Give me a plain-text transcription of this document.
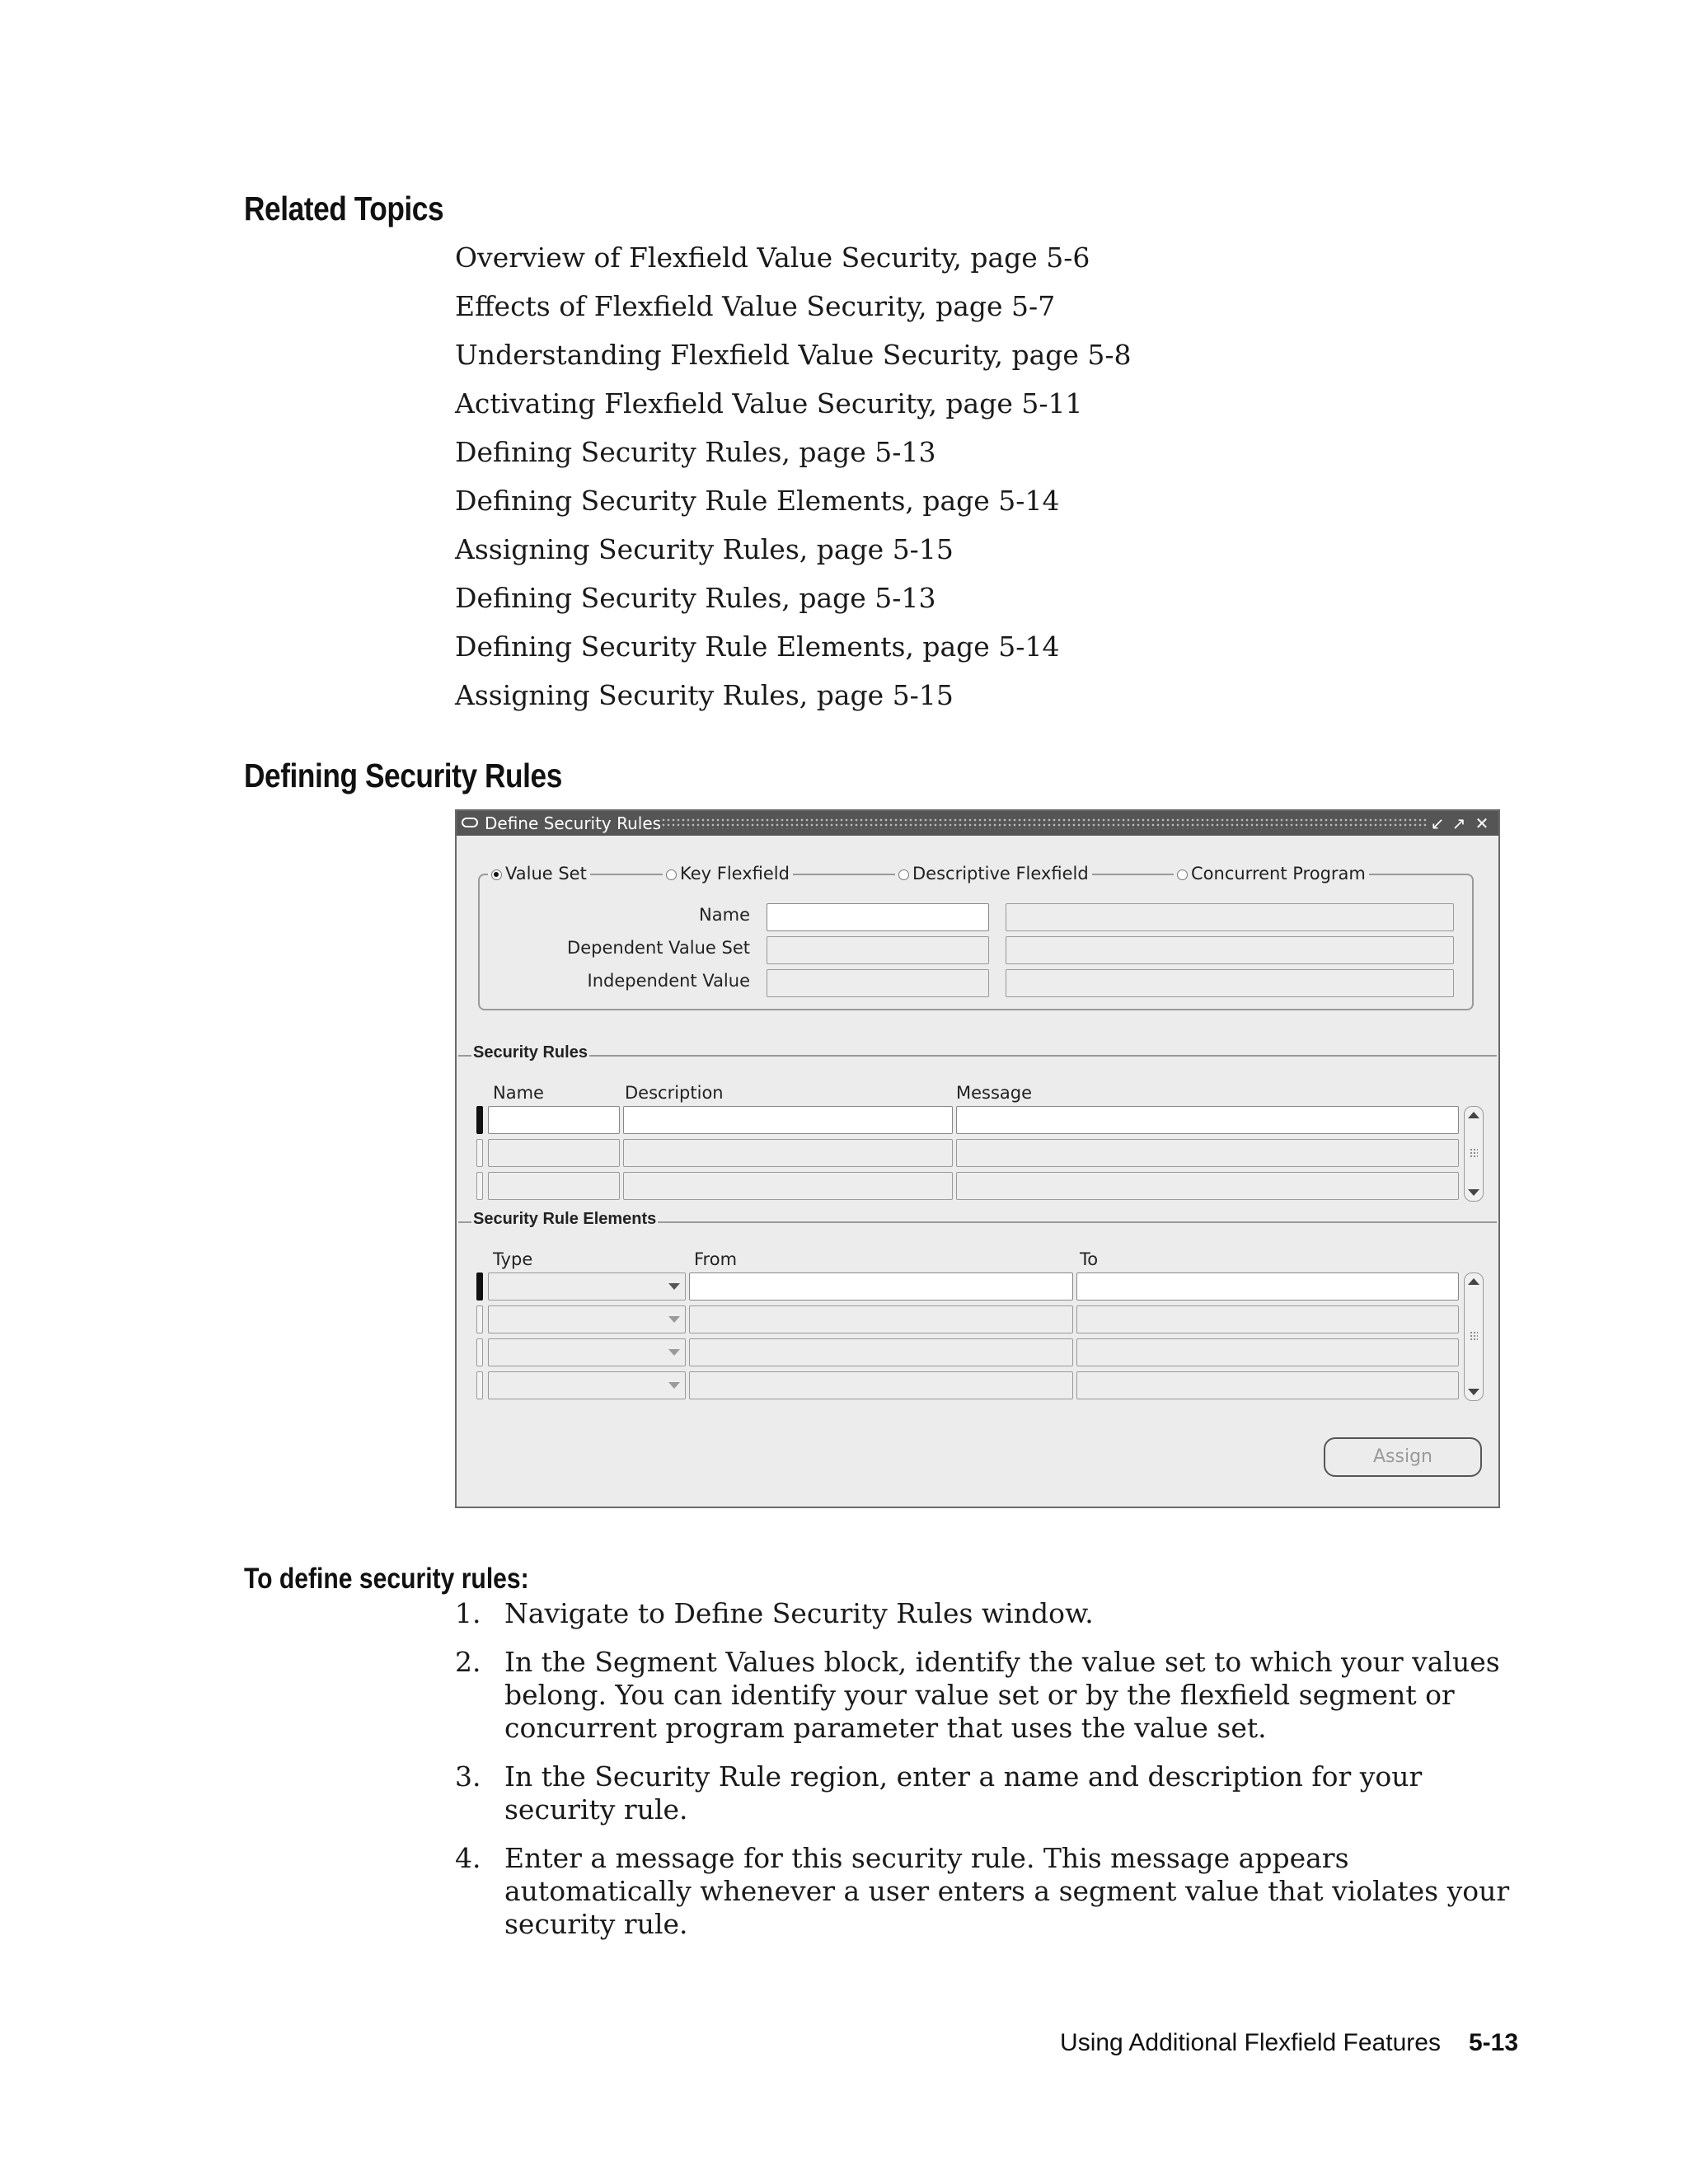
Related Topics
Overview of Flexfield Value Security, page 5-6
Effects of Flexfield Value Security, page 5-7
Understanding Flexfield Value Security, page 5-8
Activating Flexfield Value Security, page 5-11
Defining Security Rules, page 5-13
Defining Security Rule Elements, page 5-14
Assigning Security Rules, page 5-15
Defining Security Rules, page 5-13
Defining Security Rule Elements, page 5-14
Assigning Security Rules, page 5-15
Defining Security Rules
Define Security Rules	↙ ↗ ✕
Value Set	Key Flexfield	Descriptive Flexfield	Concurrent Program
Name
Dependent Value Set
Independent Value
Security Rules
Name	Description	Message
Security Rule Elements
Type	From	To
Assign
To define security rules:
1. Navigate to Define Security Rules window.
2. In the Segment Values block, identify the value set to which your values belong. You can identify your value set or by the flexfield segment or concurrent program parameter that uses the value set.
3. In the Security Rule region, enter a name and description for your security rule.
4. Enter a message for this security rule. This message appears automatically whenever a user enters a segment value that violates your security rule.
Using Additional Flexfield Features 5-13
